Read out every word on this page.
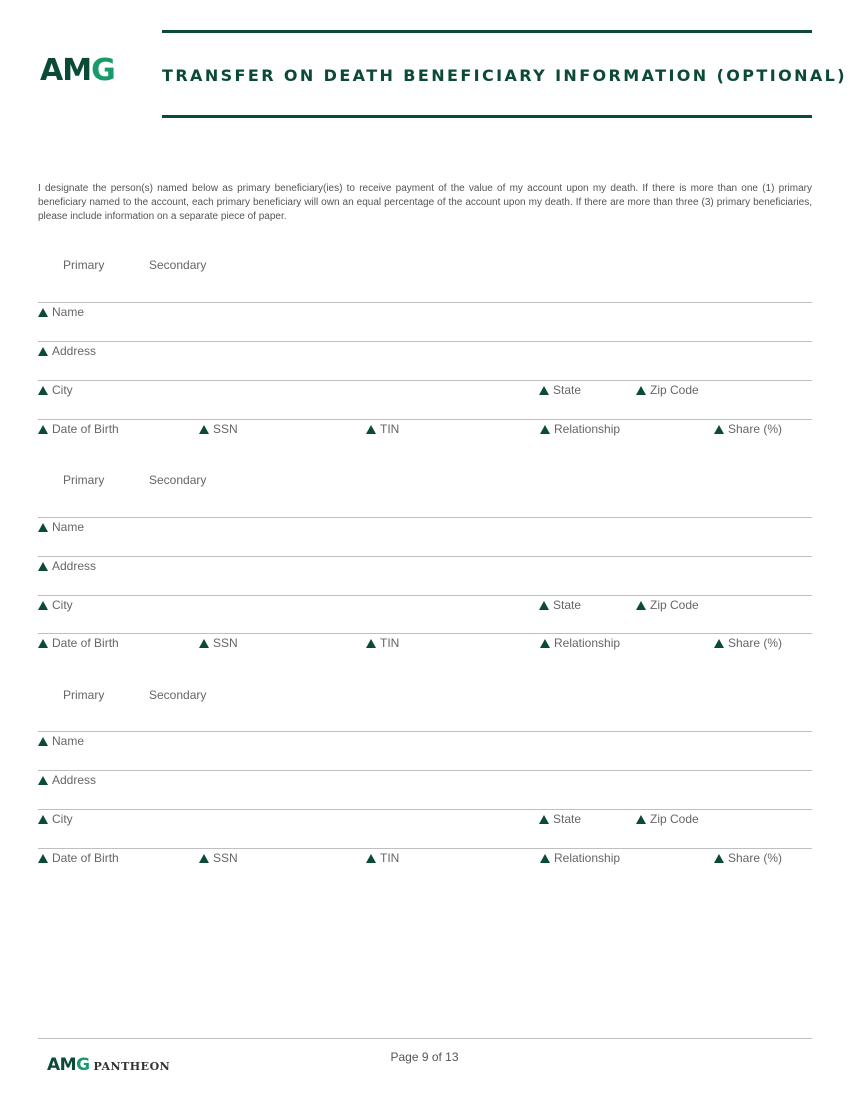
AMG	TRANSFER ON DEATH BENEFICIARY INFORMATION (OPTIONAL)
I designate the person(s) named below as primary beneficiary(ies) to receive payment of the value of my account upon my death. If there is more than one (1) primary beneficiary named to the account, each primary beneficiary will own an equal percentage of the account upon my death. If there are more than three (3) primary beneficiaries, please include information on a separate piece of paper.
Primary	Secondary
Name
Address
City	State	Zip Code
Date of Birth	SSN	TIN	Relationship	Share (%)
Primary	Secondary
Name
Address
City	State	Zip Code
Date of Birth	SSN	TIN	Relationship	Share (%)
Primary	Secondary
Name
Address
City	State	Zip Code
Date of Birth	SSN	TIN	Relationship	Share (%)
AMG PANTHEON
Page 9 of 13
